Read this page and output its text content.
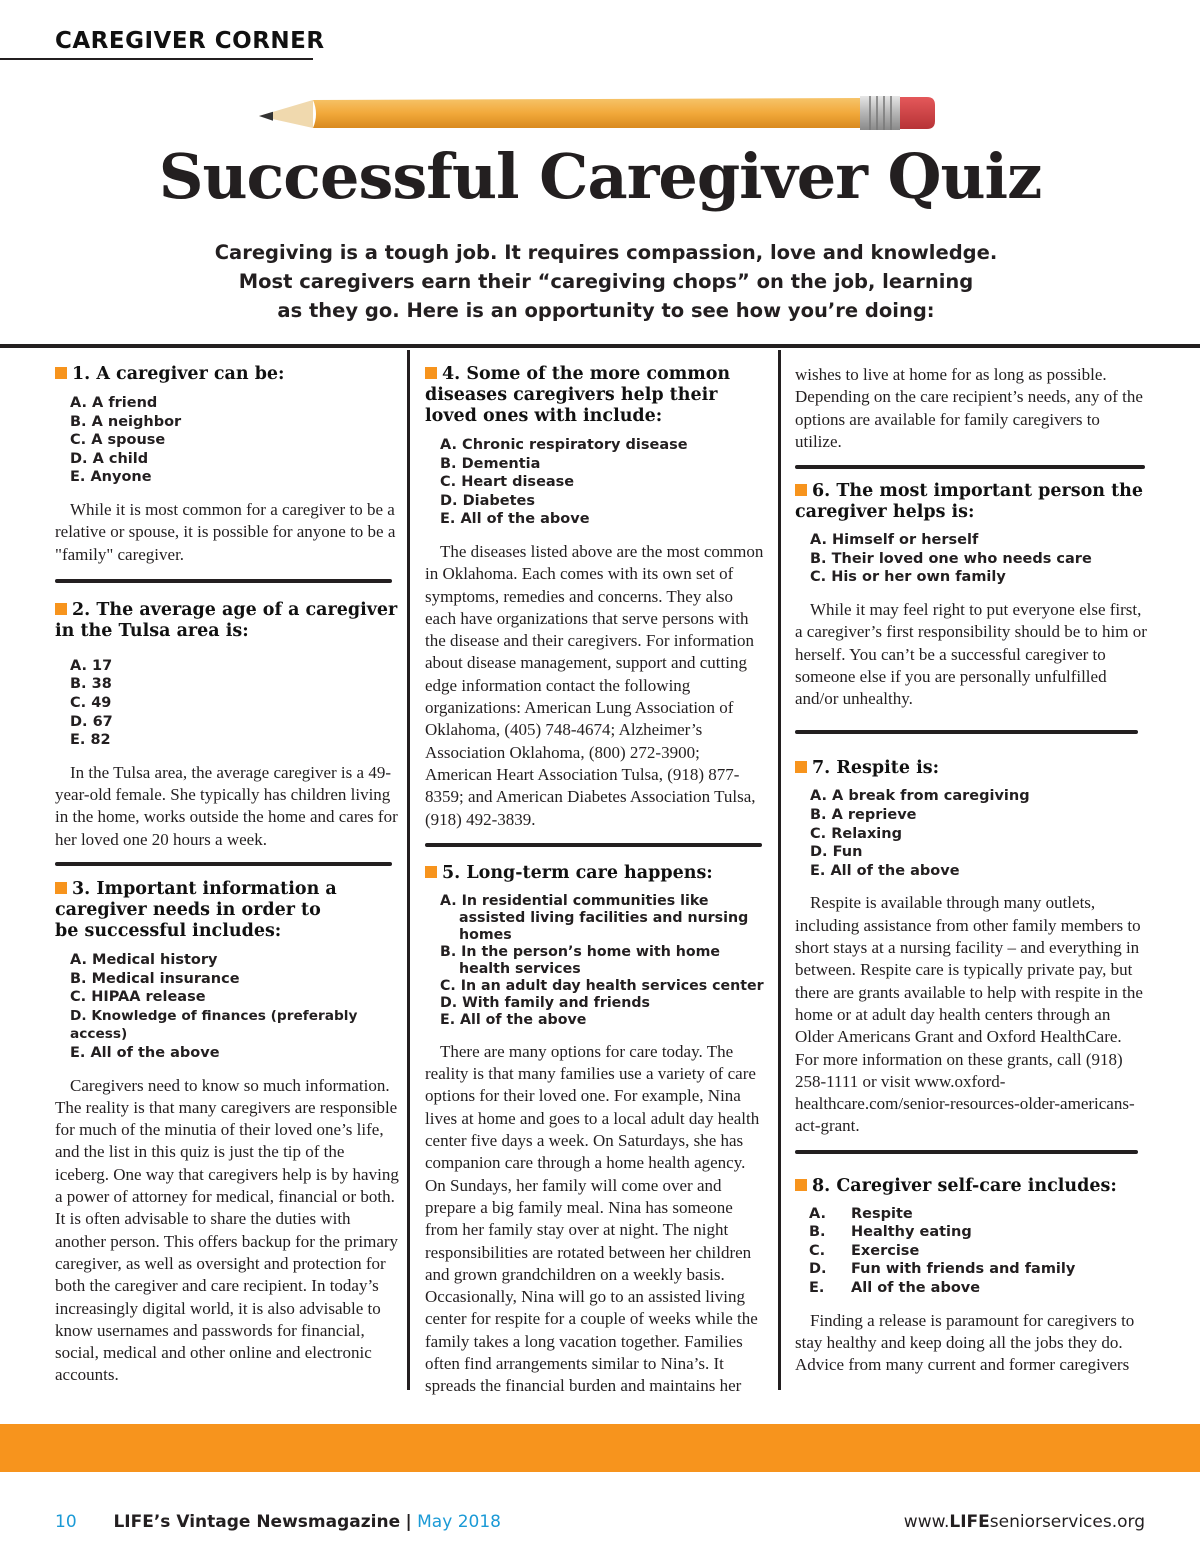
CAREGIVER CORNER
Successful Caregiver Quiz
Caregiving is a tough job. It requires compassion, love and knowledge.
Most caregivers earn their “caregiving chops” on the job, learning
as they go. Here is an opportunity to see how you’re doing:
1. A caregiver can be:
A. A friend
B. A neighbor
C. A spouse
D. A child
E. Anyone

While it is most common for a caregiver to be a relative or spouse, it is possible for anyone to be a "family" caregiver.

2. The average age of a caregiver in the Tulsa area is:
A. 17
B. 38
C. 49
D. 67
E. 82

In the Tulsa area, the average caregiver is a 49-year-old female. She typically has children living in the home, works outside the home and cares for her loved one 20 hours a week.

3. Important information a caregiver needs in order to be successful includes:
A. Medical history
B. Medical insurance
C. HIPAA release
D. Knowledge of finances (preferably access)
E. All of the above

Caregivers need to know so much information. The reality is that many caregivers are responsible for much of the minutia of their loved one’s life, and the list in this quiz is just the tip of the iceberg. One way that caregivers help is by having a power of attorney for medical, financial or both. It is often advisable to share the duties with another person. This offers backup for the primary caregiver, as well as oversight and protection for both the caregiver and care recipient. In today’s increasingly digital world, it is also advisable to know usernames and passwords for financial, social, medical and other online and electronic accounts.

4. Some of the more common diseases caregivers help their loved ones with include:
A. Chronic respiratory disease
B. Dementia
C. Heart disease
D. Diabetes
E. All of the above

The diseases listed above are the most common in Oklahoma. Each comes with its own set of symptoms, remedies and concerns. They also each have organizations that serve persons with the disease and their caregivers. For information about disease management, support and cutting edge information contact the following organizations: American Lung Association of Oklahoma, (405) 748-4674; Alzheimer’s Association Oklahoma, (800) 272-3900; American Heart Association Tulsa, (918) 877-8359; and American Diabetes Association Tulsa, (918) 492-3839.

5. Long-term care happens:
A. In residential communities like assisted living facilities and nursing homes
B. In the person’s home with home health services
C. In an adult day health services center
D. With family and friends
E. All of the above

There are many options for care today. The reality is that many families use a variety of care options for their loved one. For example, Nina lives at home and goes to a local adult day health center five days a week. On Saturdays, she has companion care through a home health agency. On Sundays, her family will come over and prepare a big family meal. Nina has someone from her family stay over at night. The night responsibilities are rotated between her children and grown grandchildren on a weekly basis. Occasionally, Nina will go to an assisted living center for respite for a couple of weeks while the family takes a long vacation together. Families often find arrangements similar to Nina’s. It spreads the financial burden and maintains her

wishes to live at home for as long as possible. Depending on the care recipient’s needs, any of the options are available for family caregivers to utilize.

6. The most important person the caregiver helps is:
A. Himself or herself
B. Their loved one who needs care
C. His or her own family

While it may feel right to put everyone else first, a caregiver’s first responsibility should be to him or herself. You can’t be a successful caregiver to someone else if you are personally unfulfilled and/or unhealthy.

7. Respite is:
A. A break from caregiving
B. A reprieve
C. Relaxing
D. Fun
E. All of the above

Respite is available through many outlets, including assistance from other family members to short stays at a nursing facility – and everything in between. Respite care is typically private pay, but there are grants available to help with respite in the home or at adult day health centers through an Older Americans Grant and Oxford HealthCare. For more information on these grants, call (918) 258-1111 or visit www.oxford-healthcare.com/senior-resources-older-americans-act-grant.

8. Caregiver self-care includes:
A. Respite
B. Healthy eating
C. Exercise
D. Fun with friends and family
E. All of the above

Finding a release is paramount for caregivers to stay healthy and keep doing all the jobs they do. Advice from many current and former caregivers

10 LIFE’s Vintage Newsmagazine | May 2018	www.LIFEseniorservices.org
